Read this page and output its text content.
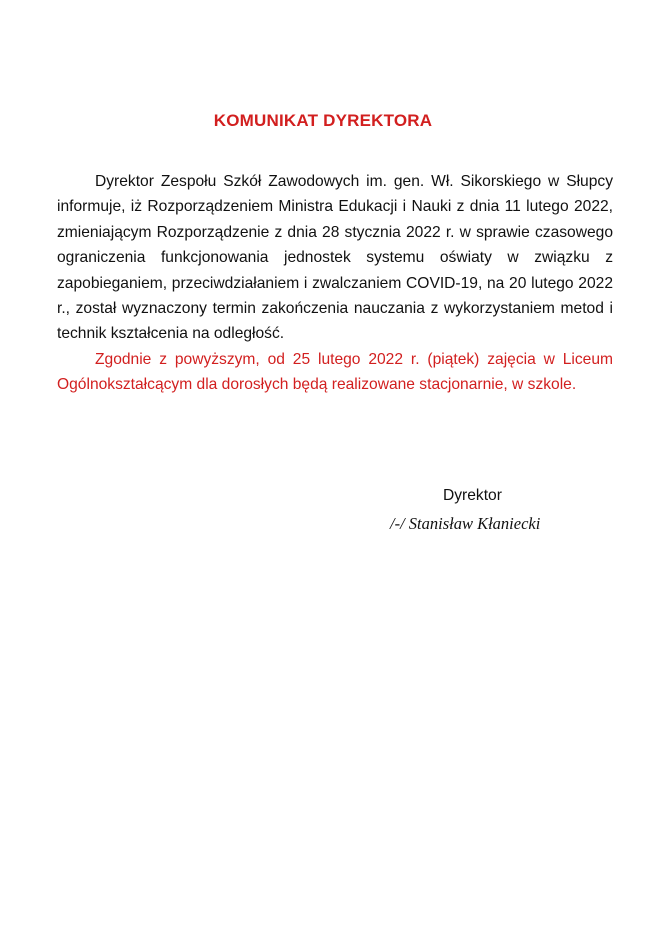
KOMUNIKAT DYREKTORA

Dyrektor Zespołu Szkół Zawodowych im. gen. Wł. Sikorskiego w Słupcy informuje, iż Rozporządzeniem Ministra Edukacji i Nauki z dnia 11 lutego 2022, zmieniającym Rozporządzenie z dnia 28 stycznia 2022 r. w sprawie czasowego ograniczenia funkcjonowania jednostek systemu oświaty w związku z zapobieganiem, przeciwdziałaniem i zwalczaniem COVID-19, na 20 lutego 2022 r., został wyznaczony termin zakończenia nauczania z wykorzystaniem metod i technik kształcenia na odległość.

Zgodnie z powyższym, od 25 lutego 2022 r. (piątek) zajęcia w Liceum Ogólnokształcącym dla dorosłych będą realizowane stacjonarnie, w szkole.

Dyrektor
/-/ Stanisław Kłaniecki
